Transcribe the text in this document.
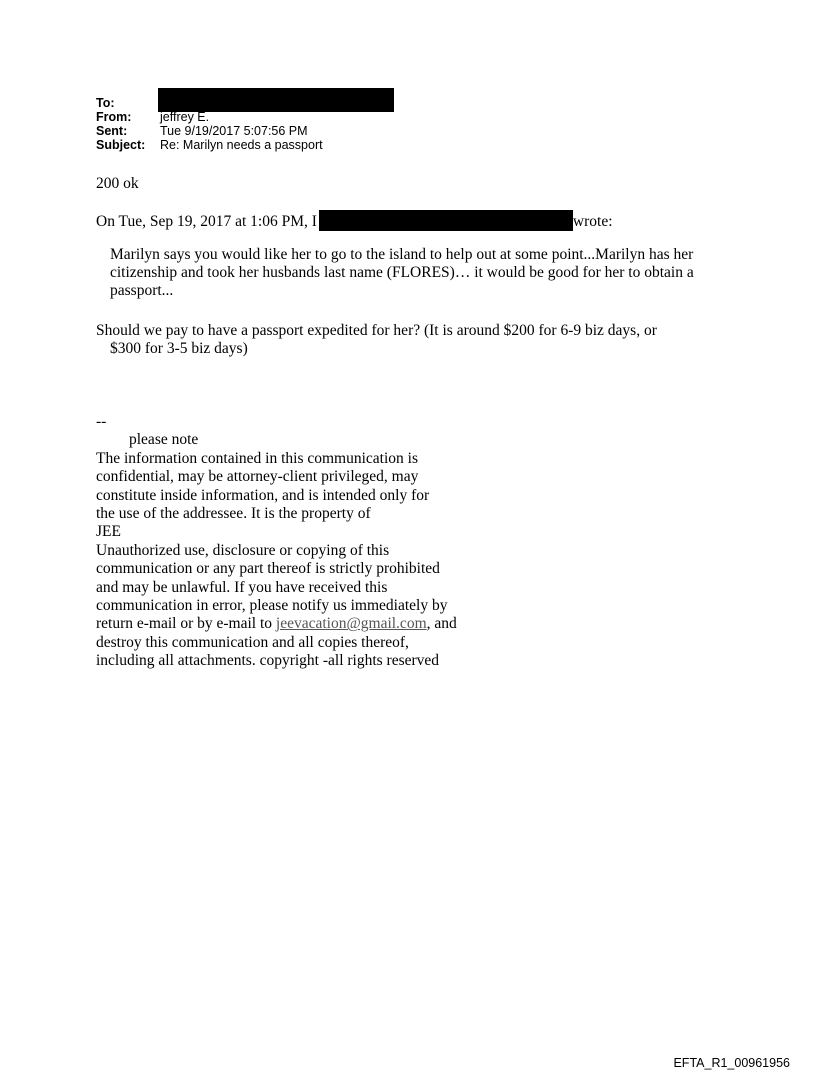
To:
From:	jeffrey E.
Sent:	Tue 9/19/2017 5:07:56 PM
Subject:	Re: Marilyn needs a passport
200 ok
On Tue, Sep 19, 2017 at 1:06 PM, I	wrote:
Marilyn says you would like her to go to the island to help out at some point...Marilyn has her citizenship and took her husbands last name (FLORES)… it would be good for her to obtain a passport...
Should we pay to have a passport expedited for her? (It is around $200 for 6-9 biz days, or
$300 for 3-5 biz days)
--
please note
The information contained in this communication is
confidential, may be attorney-client privileged, may
constitute inside information, and is intended only for
the use of the addressee. It is the property of
JEE
Unauthorized use, disclosure or copying of this
communication or any part thereof is strictly prohibited
and may be unlawful. If you have received this
communication in error, please notify us immediately by
return e-mail or by e-mail to jeevacation@gmail.com, and
destroy this communication and all copies thereof,
including all attachments. copyright -all rights reserved
EFTA_R1_00961956
